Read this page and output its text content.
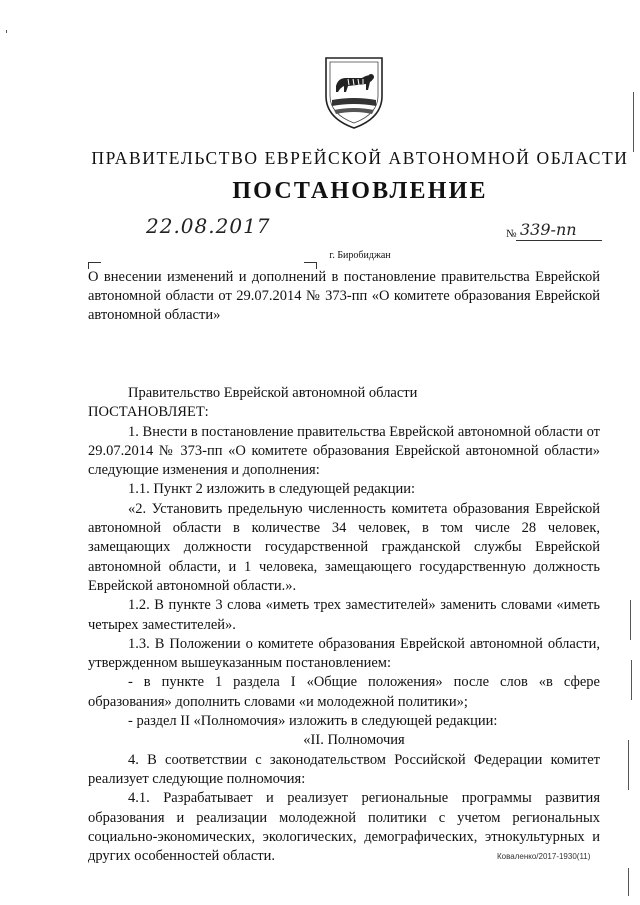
ПРАВИТЕЛЬСТВО ЕВРЕЙСКОЙ АВТОНОМНОЙ ОБЛАСТИ
ПОСТАНОВЛЕНИЕ
22.08.2017	№ 339-пп
г. Биробиджан
О внесении изменений и дополнений в постановление правительства Еврейской автономной области от 29.07.2014 № 373-пп «О комитете образования Еврейской автономной области»

Правительство Еврейской автономной области

ПОСТАНОВЛЯЕТ:

1. Внести в постановление правительства Еврейской автономной области от 29.07.2014 № 373-пп «О комитете образования Еврейской автономной области» следующие изменения и дополнения:

1.1. Пункт 2 изложить в следующей редакции:

«2. Установить предельную численность комитета образования Еврейской автономной области в количестве 34 человек, в том числе 28 человек, замещающих должности государственной гражданской службы Еврейской автономной области, и 1 человека, замещающего государственную должность Еврейской автономной области.».

1.2. В пункте 3 слова «иметь трех заместителей» заменить словами «иметь четырех заместителей».

1.3. В Положении о комитете образования Еврейской автономной области, утвержденном вышеуказанным постановлением:

- в пункте 1 раздела I «Общие положения» после слов «в сфере образования» дополнить словами «и молодежной политики»;

- раздел II «Полномочия» изложить в следующей редакции:

«II. Полномочия

4. В соответствии с законодательством Российской Федерации комитет реализует следующие полномочия:

4.1. Разрабатывает и реализует региональные программы развития образования и реализации молодежной политики с учетом региональных социально-экономических, экологических, демографических, этнокультурных и других особенностей области.	Коваленко/2017-1930(11)
